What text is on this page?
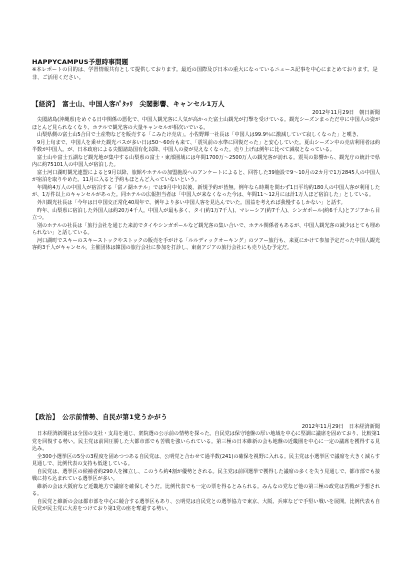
HAPPYCAMPUS予想時事問題
※本レポートの目的は、学習情報共有として提供しております。最近の国際及び日本の重大になっているニュース記事を中心にまとめております。是非、ご活用ください。
【経済】　富士山、中国人客ﾊﾟﾀｯﾘ　尖閣影響、キャンセル1万人
2012年11月29日　朝日新聞

尖閣諸島(沖縄県)をめぐる日中関係の悪化で、中国人観光客に人気が高かった富士山観光が打撃を受けている。観光シーズンまっただ中に中国人の姿がほとんど見られなくなり、ホテルで観光客の大量キャンセルが相次いでいる。

山梨県側の富士山5合目で土産物などを販売する「こみたけ売店」。小佐野輝一社長は「中国人は99.9％に激減していて寂しくなった」と嘆き、

9月上旬まで、中国人を乗せた観光バスが多い日は50～60台も来て、「震災前の水準に回復だった」と安心していた。夏山シーズン中の売店利用者は約半数が中国人。が、日本政府による尖閣諸島国有化以降、中国人の姿が見えなくなった。売り上げは例年に比べて減収となっている。

富士山や富士五湖など観光地が集中する山梨県の富士・東部圏域には年間1700万～2500万人の観光客が訪れる。震災の影響から、観光庁の統計で県内に約75101人の中国人が宿泊した。

富士河口湖町観光連盟によると9月以降、旅館やホテルの加盟施設へのアンケートによると、回答した39施設で9～10月の2カ月で1万2845人の中国人が宿泊を取りやめた。11月に入ると予約もほとんど入っていないという。

年間約4万人の中国人が宿泊する「富ノ湖ホテル」では9月中旬以後、新規予約が皆無。例年なら時期を問わず1日平均約180人の中国人客が利用したが、1万件以上のキャンセルがあった。同ホテルの広報担当者は「中国人が来なくなった今は、年間11～12月には計1万人ほど宿泊した」としている。

外川観光社長は「今年は日中国交正常化40周年で、例年より多い中国人客を見込んでいた。国益を考えれば我慢するしかない」と話す。

昨年、山梨県に宿泊した外国人は約20万4千人。中国人が最も多く、タイ(約1万7千人)、マレーシア(約7千人)、シンガポール(約6千人)とアジアから目立つ。

別のホテルの社長は「旅行会社を通じた来訪でタイやシンガポールなど観光客の集い合いで、ホテル関係者もあるが、中国人観光客の減少はとても埋められない」と話している。

河口湖町でスキーのスキーストックやストックの販売を手がける「ルルディックオーキング」のツアー旅行も、来夏にかけて参加予定だった中国人観光客約3千人がキャンセル。主催団体は韓国の旅行会社に参加を打診し、東南アジアの旅行会社にも売り込む予定だ。

【政治】　公示前情勢、自民が第1党うかがう
2012年11月29日　日本経済新聞

日本経済新聞社は全国の支社・支局を通じ、衆院選の公示前の情勢を探った。自民党は保守地盤の厚い地域を中心に堅調に議席を固めており、比較第1党を回復する勢い。民主党は前回圧勝した大都市部でも苦戦を強いられている。第三極の日本維新の会も地盤の近畿圏を中心に一定の議席を獲得する見込み。

全300小選挙区の5分の3程度を固めつつある自民党は、公明党と合わせて過半数(241)の確保を視野に入れる。民主党は小選挙区で議席を大きく減らす見通しで、比例代表の支持も低迷している。

自民党は、選挙区の候補者約290人を擁立し、このうち約4割が優勢とされる。民主党は前回選挙で獲得した議席の多くを失う見通しで、都市部でも接戦に持ち込まれている選挙区が多い。

維新の会は大阪府など近畿地方で議席を確保しそうだ。比例代表でも一定の票を得るとみられる。みんなの党など他の第三極の政党は苦戦が予想される。

自民党と維新の会は都市部を中心に競合する選挙区もあり、公明党は自民党との選挙協力で東京、大阪、兵庫などで手堅い戦いを展開。比例代表も自民党が民主党に大差をつけており第1党の座を奪還する勢い。
